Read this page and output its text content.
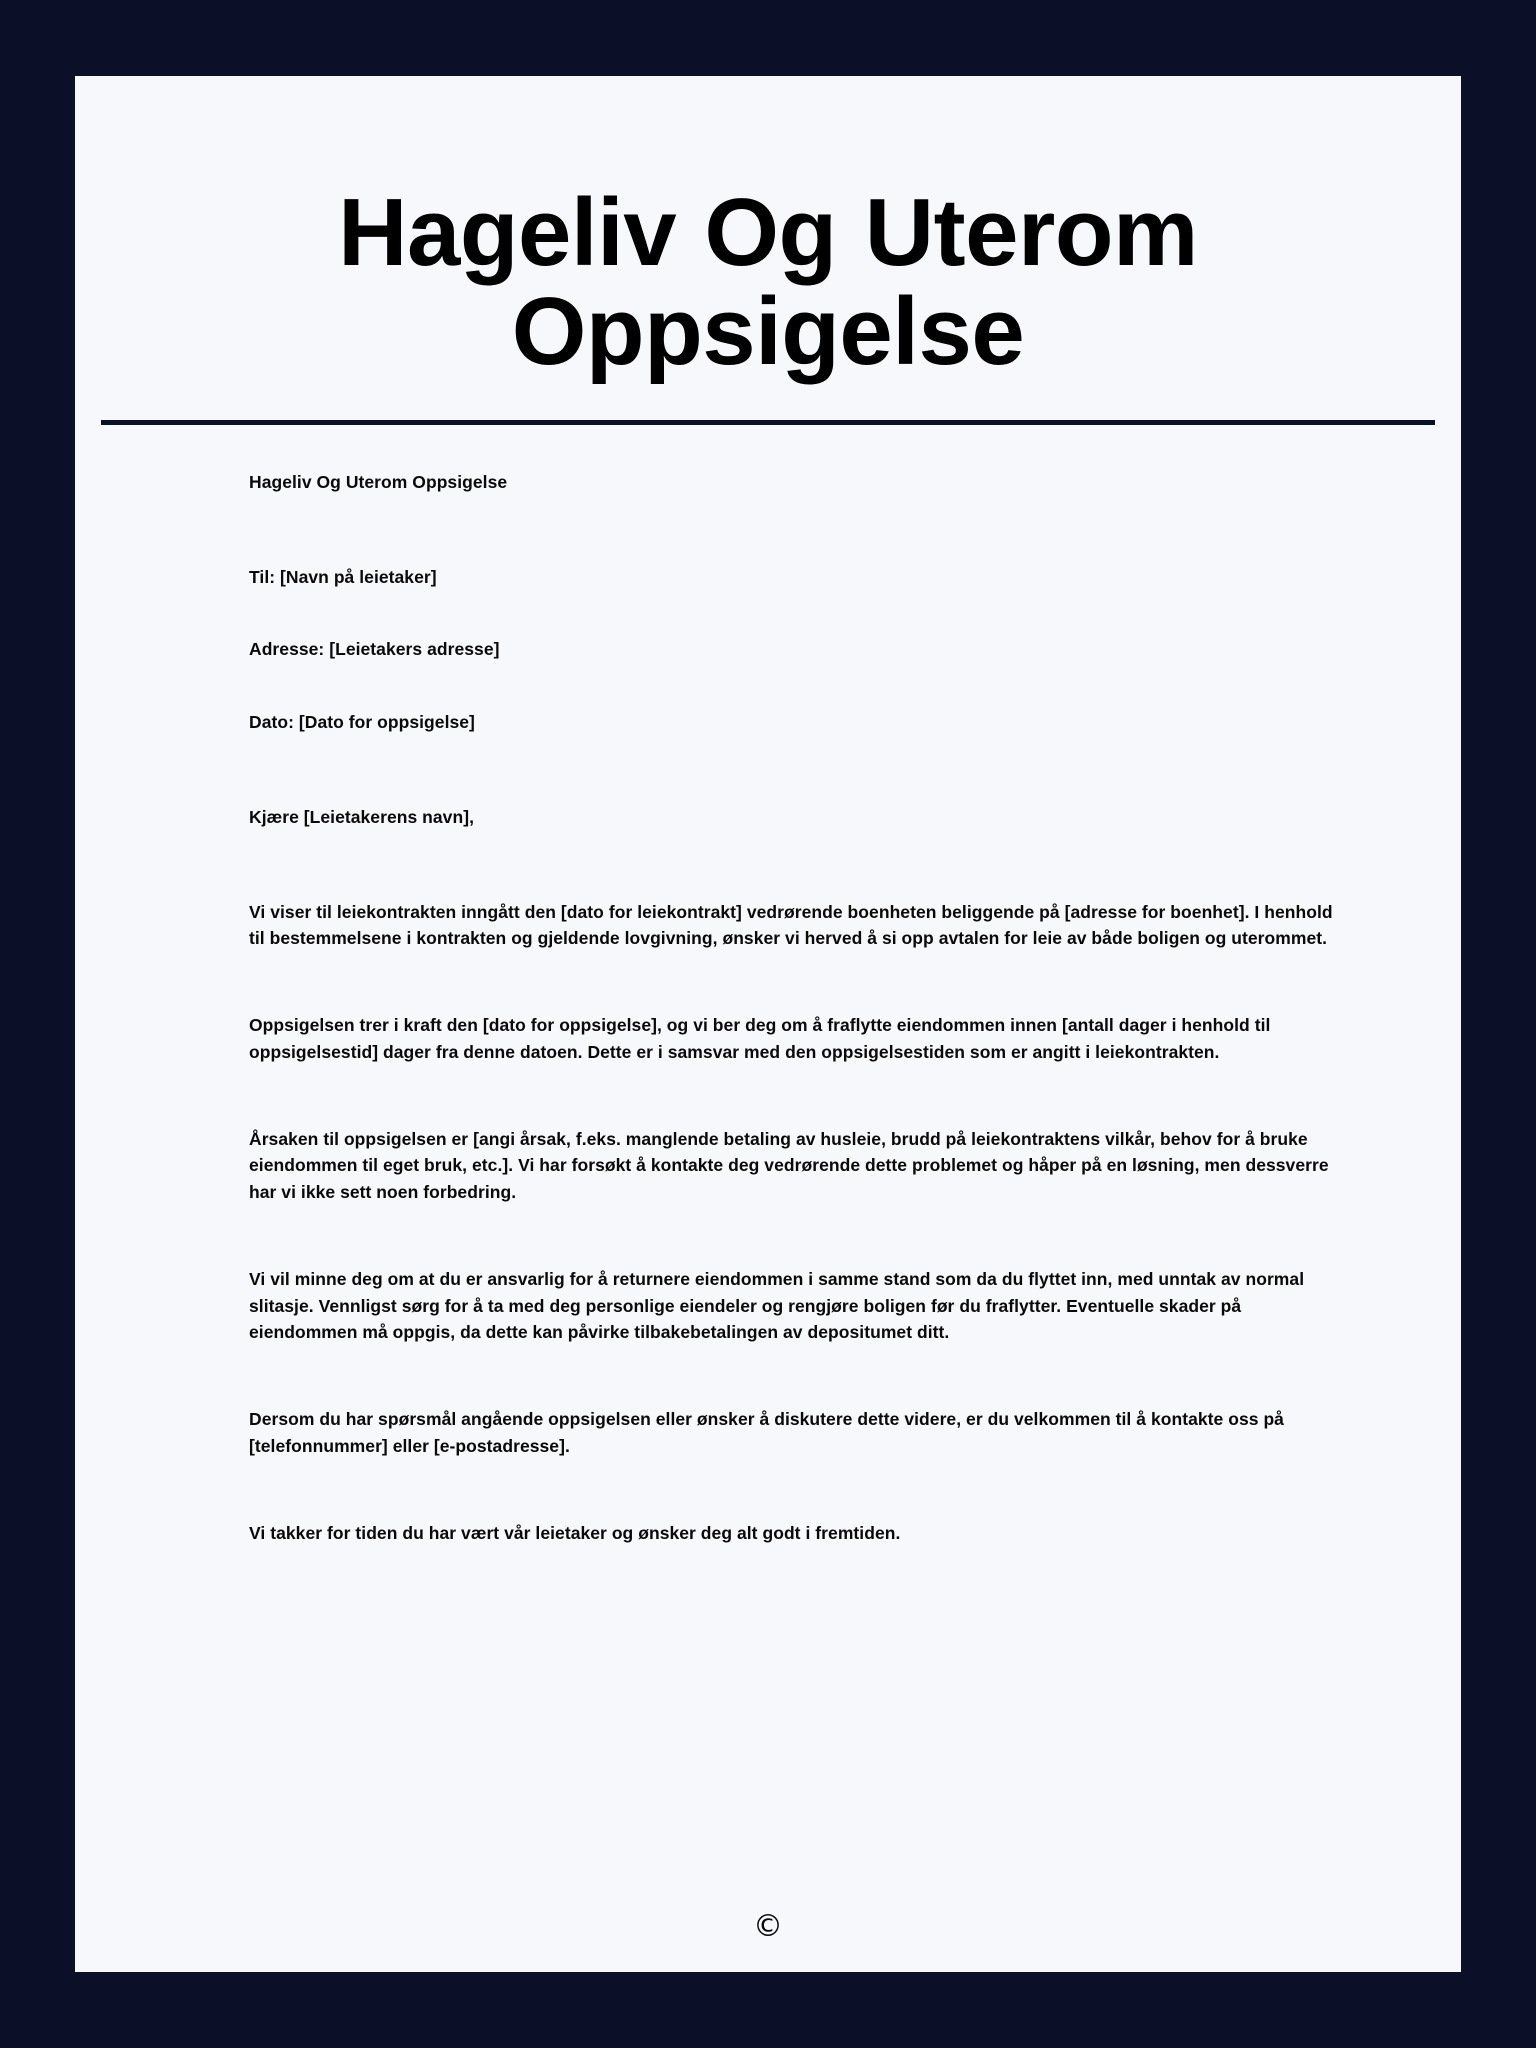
Hageliv Og Uterom Oppsigelse
Hageliv Og Uterom Oppsigelse
Til: [Navn på leietaker]
Adresse: [Leietakers adresse]
Dato: [Dato for oppsigelse]
Kjære [Leietakerens navn],

Vi viser til leiekontrakten inngått den [dato for leiekontrakt] vedrørende boenheten beliggende på [adresse for boenhet]. I henhold til bestemmelsene i kontrakten og gjeldende lovgivning, ønsker vi herved å si opp avtalen for leie av både boligen og uterommet.

Oppsigelsen trer i kraft den [dato for oppsigelse], og vi ber deg om å fraflytte eiendommen innen [antall dager i henhold til oppsigelsestid] dager fra denne datoen. Dette er i samsvar med den oppsigelsestiden som er angitt i leiekontrakten.

Årsaken til oppsigelsen er [angi årsak, f.eks. manglende betaling av husleie, brudd på leiekontraktens vilkår, behov for å bruke eiendommen til eget bruk, etc.]. Vi har forsøkt å kontakte deg vedrørende dette problemet og håper på en løsning, men dessverre har vi ikke sett noen forbedring.

Vi vil minne deg om at du er ansvarlig for å returnere eiendommen i samme stand som da du flyttet inn, med unntak av normal slitasje. Vennligst sørg for å ta med deg personlige eiendeler og rengjøre boligen før du fraflytter. Eventuelle skader på eiendommen må oppgis, da dette kan påvirke tilbakebetalingen av depositumet ditt.

Dersom du har spørsmål angående oppsigelsen eller ønsker å diskutere dette videre, er du velkommen til å kontakte oss på [telefonnummer] eller [e-postadresse].

Vi takker for tiden du har vært vår leietaker og ønsker deg alt godt i fremtiden.

©
